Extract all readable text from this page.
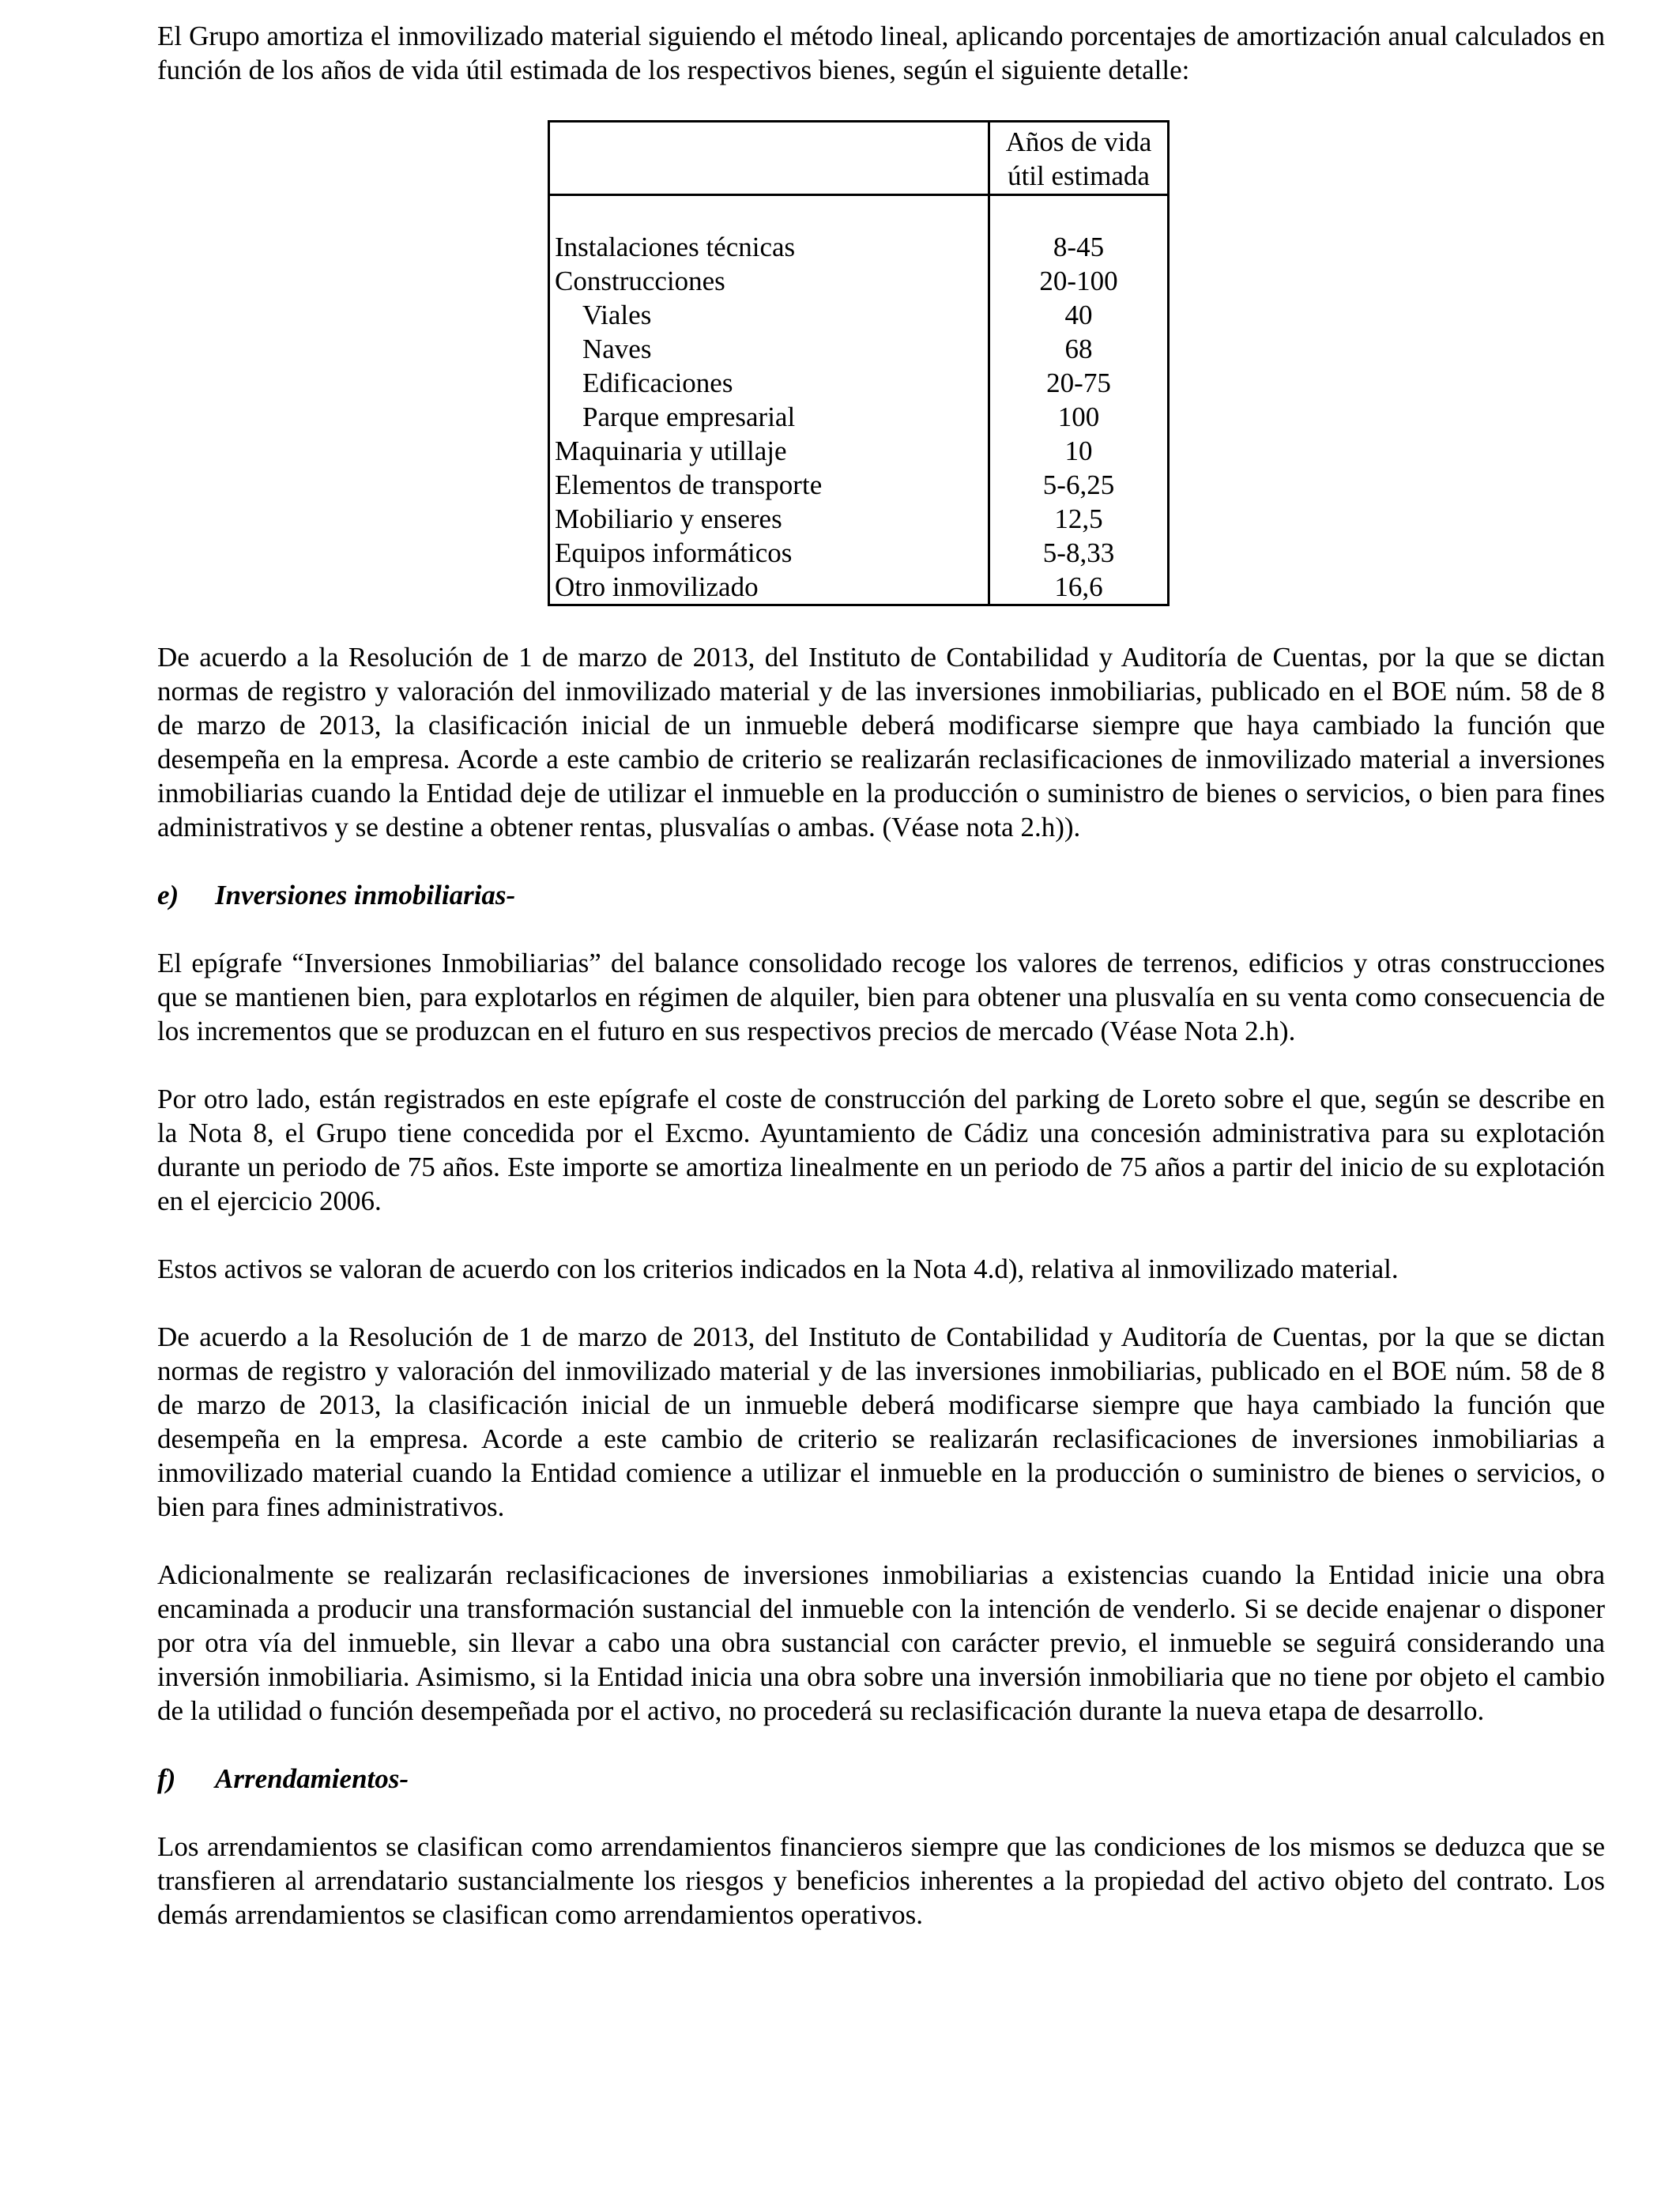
El Grupo amortiza el inmovilizado material siguiendo el método lineal, aplicando porcentajes de amortización anual calculados en función de los años de vida útil estimada de los respectivos bienes, según el siguiente detalle:

	Años de vida
útil estimada

Instalaciones técnicas	8-45
Construcciones	20-100
Viales	40
Naves	68
Edificaciones	20-75
Parque empresarial	100
Maquinaria y utillaje	10
Elementos de transporte	5-6,25
Mobiliario y enseres	12,5
Equipos informáticos	5-8,33
Otro inmovilizado	16,6

De acuerdo a la Resolución de 1 de marzo de 2013, del Instituto de Contabilidad y Auditoría de Cuentas, por la que se dictan normas de registro y valoración del inmovilizado material y de las inversiones inmobiliarias, publicado en el BOE núm. 58 de 8 de marzo de 2013, la clasificación inicial de un inmueble deberá modificarse siempre que haya cambiado la función que desempeña en la empresa. Acorde a este cambio de criterio se realizarán reclasificaciones de inmovilizado material a inversiones inmobiliarias cuando la Entidad deje de utilizar el inmueble en la producción o suministro de bienes o servicios, o bien para fines administrativos y se destine a obtener rentas, plusvalías o ambas. (Véase nota 2.h)).

e)	Inversiones inmobiliarias-

El epígrafe “Inversiones Inmobiliarias” del balance consolidado recoge los valores de terrenos, edificios y otras construcciones que se mantienen bien, para explotarlos en régimen de alquiler, bien para obtener una plusvalía en su venta como consecuencia de los incrementos que se produzcan en el futuro en sus respectivos precios de mercado (Véase Nota 2.h).

Por otro lado, están registrados en este epígrafe el coste de construcción del parking de Loreto sobre el que, según se describe en la Nota 8, el Grupo tiene concedida por el Excmo. Ayuntamiento de Cádiz una concesión administrativa para su explotación durante un periodo de 75 años. Este importe se amortiza linealmente en un periodo de 75 años a partir del inicio de su explotación en el ejercicio 2006.

Estos activos se valoran de acuerdo con los criterios indicados en la Nota 4.d), relativa al inmovilizado material.

De acuerdo a la Resolución de 1 de marzo de 2013, del Instituto de Contabilidad y Auditoría de Cuentas, por la que se dictan normas de registro y valoración del inmovilizado material y de las inversiones inmobiliarias, publicado en el BOE núm. 58 de 8 de marzo de 2013, la clasificación inicial de un inmueble deberá modificarse siempre que haya cambiado la función que desempeña en la empresa. Acorde a este cambio de criterio se realizarán reclasificaciones de inversiones inmobiliarias a inmovilizado material cuando la Entidad comience a utilizar el inmueble en la producción o suministro de bienes o servicios, o bien para fines administrativos.

Adicionalmente se realizarán reclasificaciones de inversiones inmobiliarias a existencias cuando la Entidad inicie una obra encaminada a producir una transformación sustancial del inmueble con la intención de venderlo. Si se decide enajenar o disponer por otra vía del inmueble, sin llevar a cabo una obra sustancial con carácter previo, el inmueble se seguirá considerando una inversión inmobiliaria. Asimismo, si la Entidad inicia una obra sobre una inversión inmobiliaria que no tiene por objeto el cambio de la utilidad o función desempeñada por el activo, no procederá su reclasificación durante la nueva etapa de desarrollo.

f)	Arrendamientos-

Los arrendamientos se clasifican como arrendamientos financieros siempre que las condiciones de los mismos se deduzca que se transfieren al arrendatario sustancialmente los riesgos y beneficios inherentes a la propiedad del activo objeto del contrato. Los demás arrendamientos se clasifican como arrendamientos operativos.
